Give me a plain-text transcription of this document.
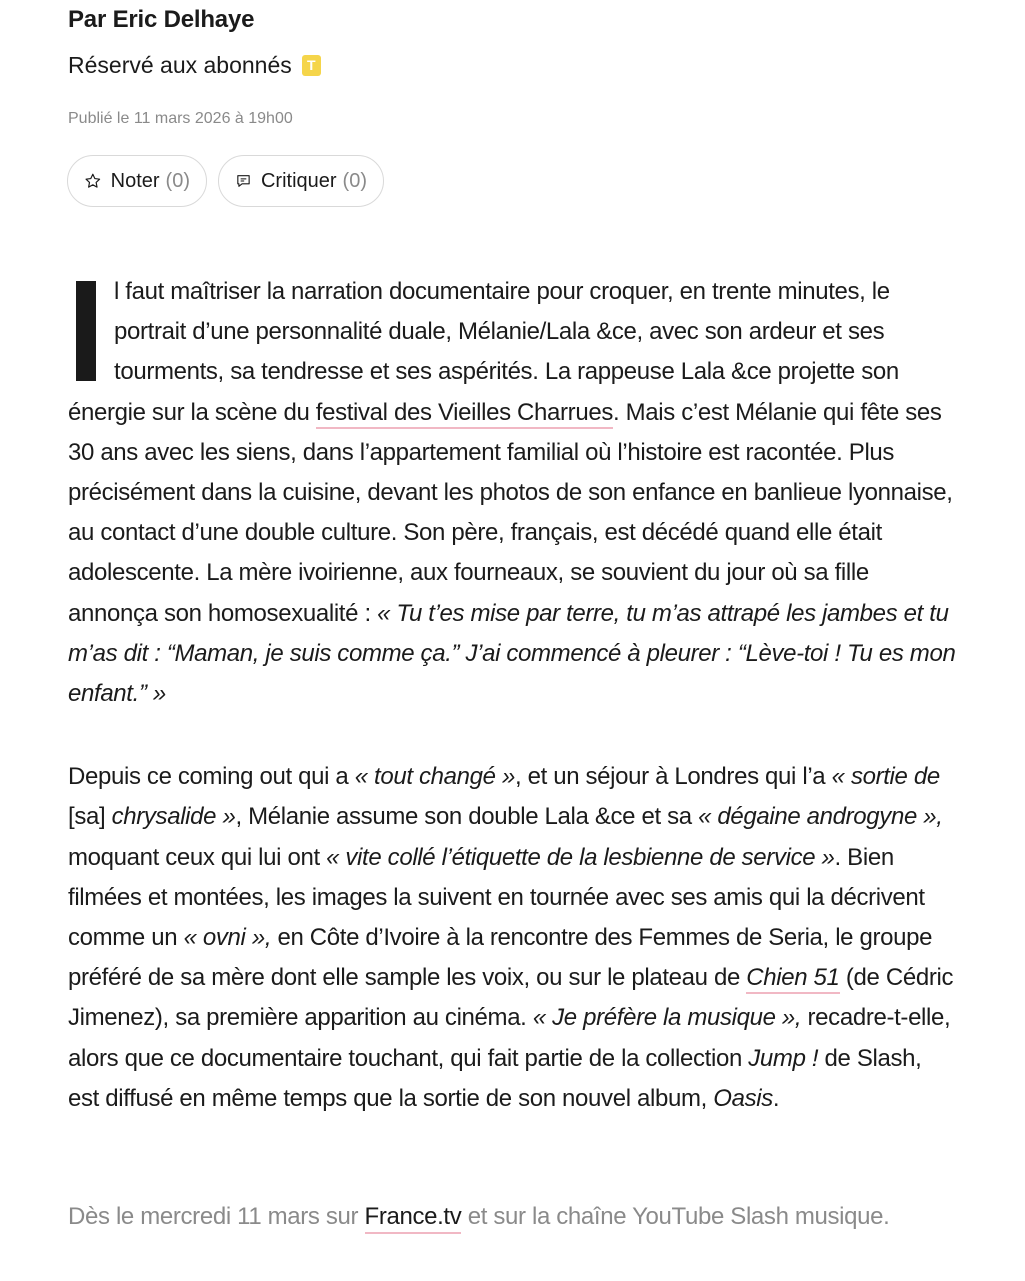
Par Eric Delhaye
Réservé aux abonnés	T
Publié le 11 mars 2026 à 19h00
Noter (0)	Critiquer (0)

l faut maîtriser la narration documentaire pour croquer, en trente minutes, le portrait d’une personnalité duale, Mélanie/Lala &ce, avec son ardeur et ses tourments, sa tendresse et ses aspérités. La rappeuse Lala &ce projette son énergie sur la scène du festival des Vieilles Charrues. Mais c’est Mélanie qui fête ses 30 ans avec les siens, dans l’appartement familial où l’histoire est racontée. Plus précisément dans la cuisine, devant les photos de son enfance en banlieue lyonnaise, au contact d’une double culture. Son père, français, est décédé quand elle était adolescente. La mère ivoirienne, aux fourneaux, se souvient du jour où sa fille annonça son homosexualité : « Tu t’es mise par terre, tu m’as attrapé les jambes et tu m’as dit : “Maman, je suis comme ça.” J’ai commencé à pleurer : “Lève-toi ! Tu es mon enfant.” »

Depuis ce coming out qui a « tout changé », et un séjour à Londres qui l’a « sortie de [sa] chrysalide », Mélanie assume son double Lala &ce et sa « dégaine androgyne », moquant ceux qui lui ont « vite collé l’étiquette de la lesbienne de service ». Bien filmées et montées, les images la suivent en tournée avec ses amis qui la décrivent comme un « ovni », en Côte d’Ivoire à la rencontre des Femmes de Seria, le groupe préféré de sa mère dont elle sample les voix, ou sur le plateau de Chien 51 (de Cédric Jimenez), sa première apparition au cinéma. « Je préfère la musique », recadre-t-elle, alors que ce documentaire touchant, qui fait partie de la collection Jump ! de Slash, est diffusé en même temps que la sortie de son nouvel album, Oasis.

Dès le mercredi 11 mars sur France.tv et sur la chaîne YouTube Slash musique.
